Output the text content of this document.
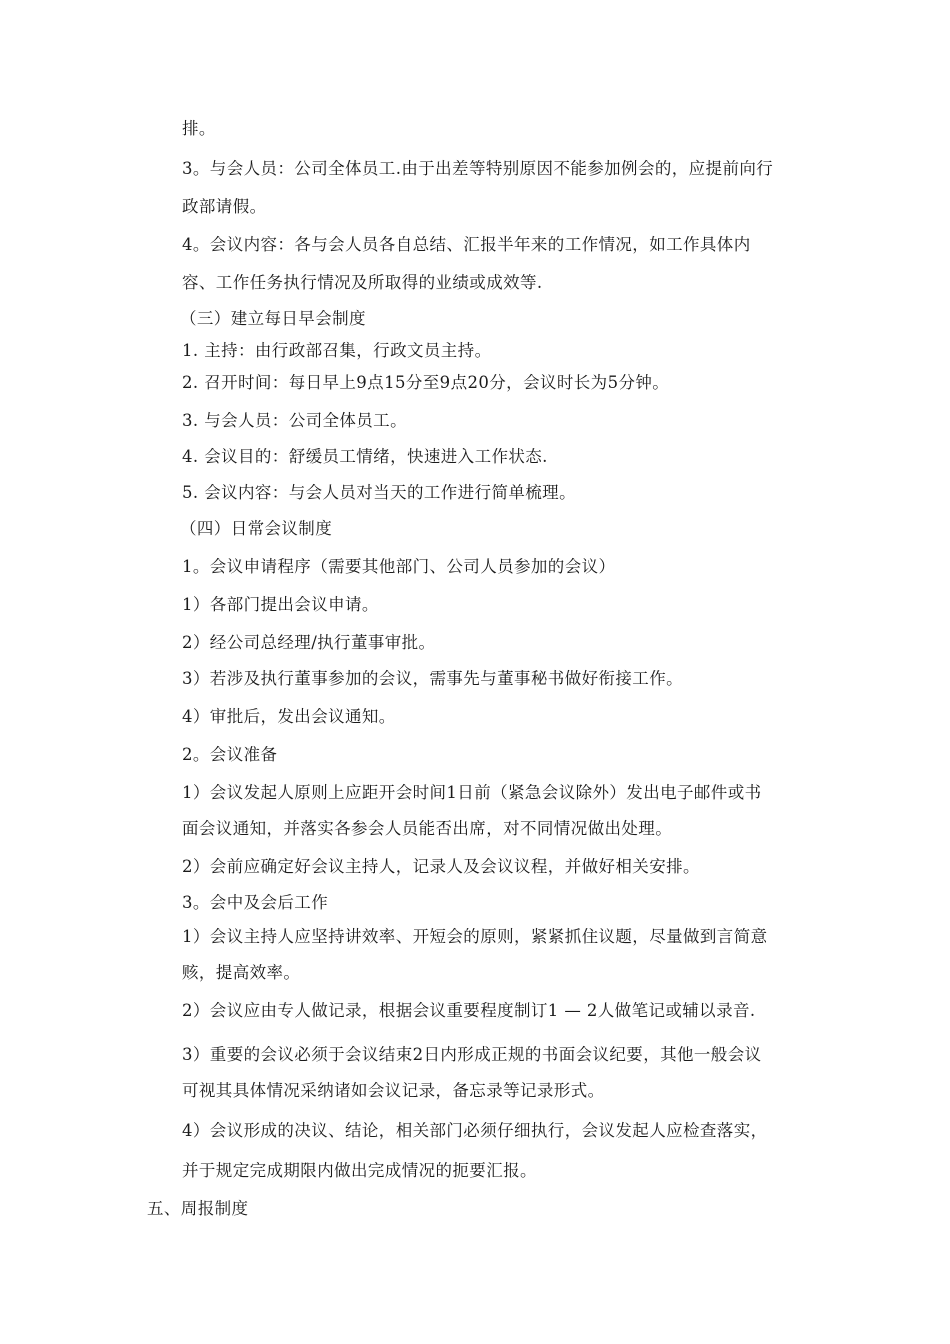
排。
3。与会人员：公司全体员工.由于出差等特别原因不能参加例会的，应提前向行
政部请假。
4。会议内容：各与会人员各自总结、汇报半年来的工作情况，如工作具体内
容、工作任务执行情况及所取得的业绩或成效等.
（三）建立每日早会制度
1. 主持：由行政部召集，行政文员主持。
2. 召开时间：每日早上9点15分至9点20分，会议时长为5分钟。
3. 与会人员：公司全体员工。
4. 会议目的：舒缓员工情绪，快速进入工作状态.
5. 会议内容：与会人员对当天的工作进行简单梳理。
（四）日常会议制度
1。会议申请程序（需要其他部门、公司人员参加的会议）
1）各部门提出会议申请。
2）经公司总经理/执行董事审批。
3）若涉及执行董事参加的会议，需事先与董事秘书做好衔接工作。
4）审批后，发出会议通知。
2。会议准备
1）会议发起人原则上应距开会时间1日前（紧急会议除外）发出电子邮件或书
面会议通知，并落实各参会人员能否出席，对不同情况做出处理。
2）会前应确定好会议主持人，记录人及会议议程，并做好相关安排。
3。会中及会后工作
1）会议主持人应坚持讲效率、开短会的原则，紧紧抓住议题，尽量做到言简意
赅，提高效率。
2）会议应由专人做记录，根据会议重要程度制订1 — 2人做笔记或辅以录音.
3）重要的会议必须于会议结束2日内形成正规的书面会议纪要，其他一般会议
可视其具体情况采纳诸如会议记录，备忘录等记录形式。
4）会议形成的决议、结论，相关部门必须仔细执行，会议发起人应检查落实，
并于规定完成期限内做出完成情况的扼要汇报。
五、周报制度
